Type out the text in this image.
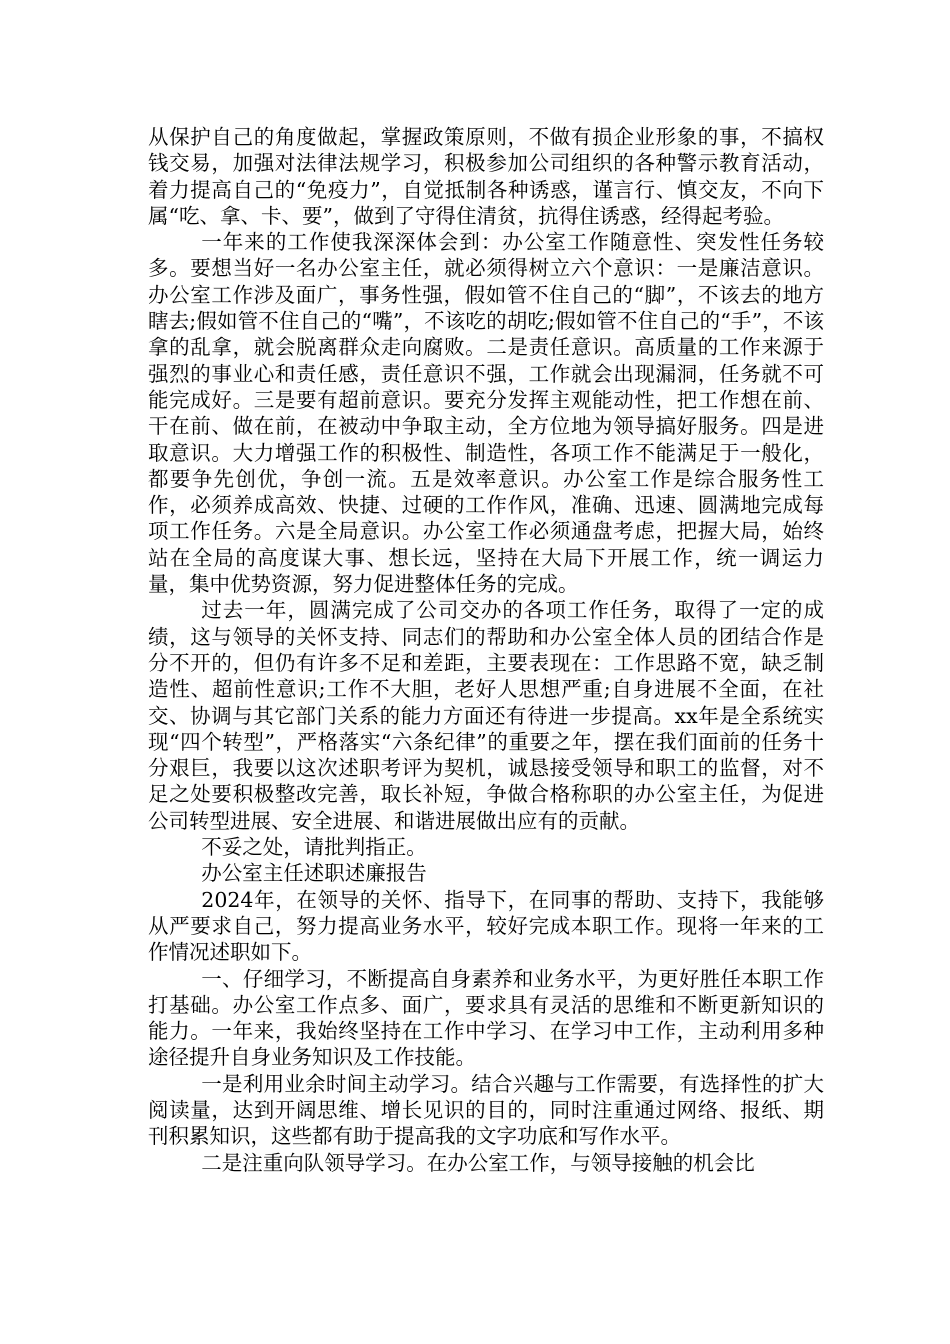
从保护自己的角度做起，掌握政策原则，不做有损企业形象的事，不搞权钱交易，加强对法律法规学习，积极参加公司组织的各种警示教育活动，着力提高自己的“免疫力”，自觉抵制各种诱惑，谨言行、慎交友，不向下属“吃、拿、卡、要”，做到了守得住清贫，抗得住诱惑，经得起考验。

一年来的工作使我深深体会到：办公室工作随意性、突发性任务较多。要想当好一名办公室主任，就必须得树立六个意识：一是廉洁意识。办公室工作涉及面广，事务性强，假如管不住自己的“脚”，不该去的地方瞎去;假如管不住自己的“嘴”，不该吃的胡吃;假如管不住自己的“手”，不该拿的乱拿，就会脱离群众走向腐败。二是责任意识。高质量的工作来源于强烈的事业心和责任感，责任意识不强，工作就会出现漏洞，任务就不可能完成好。三是要有超前意识。要充分发挥主观能动性，把工作想在前、干在前、做在前，在被动中争取主动，全方位地为领导搞好服务。四是进取意识。大力增强工作的积极性、制造性，各项工作不能满足于一般化，都要争先创优，争创一流。五是效率意识。办公室工作是综合服务性工作，必须养成高效、快捷、过硬的工作作风，准确、迅速、圆满地完成每项工作任务。六是全局意识。办公室工作必须通盘考虑，把握大局，始终站在全局的高度谋大事、想长远，坚持在大局下开展工作，统一调运力量，集中优势资源，努力促进整体任务的完成。

过去一年，圆满完成了公司交办的各项工作任务，取得了一定的成绩，这与领导的关怀支持、同志们的帮助和办公室全体人员的团结合作是分不开的，但仍有许多不足和差距，主要表现在：工作思路不宽，缺乏制造性、超前性意识;工作不大胆，老好人思想严重;自身进展不全面，在社交、协调与其它部门关系的能力方面还有待进一步提高。xx年是全系统实现“四个转型”，严格落实“六条纪律”的重要之年，摆在我们面前的任务十分艰巨，我要以这次述职考评为契机，诚恳接受领导和职工的监督，对不足之处要积极整改完善，取长补短，争做合格称职的办公室主任，为促进公司转型进展、安全进展、和谐进展做出应有的贡献。

不妥之处，请批判指正。

办公室主任述职述廉报告

2024年，在领导的关怀、指导下，在同事的帮助、支持下，我能够从严要求自己，努力提高业务水平，较好完成本职工作。现将一年来的工作情况述职如下。

一、仔细学习，不断提高自身素养和业务水平，为更好胜任本职工作打基础。办公室工作点多、面广，要求具有灵活的思维和不断更新知识的能力。一年来，我始终坚持在工作中学习、在学习中工作，主动利用多种途径提升自身业务知识及工作技能。

一是利用业余时间主动学习。结合兴趣与工作需要，有选择性的扩大阅读量，达到开阔思维、增长见识的目的，同时注重通过网络、报纸、期刊积累知识，这些都有助于提高我的文字功底和写作水平。

二是注重向队领导学习。在办公室工作，与领导接触的机会比
